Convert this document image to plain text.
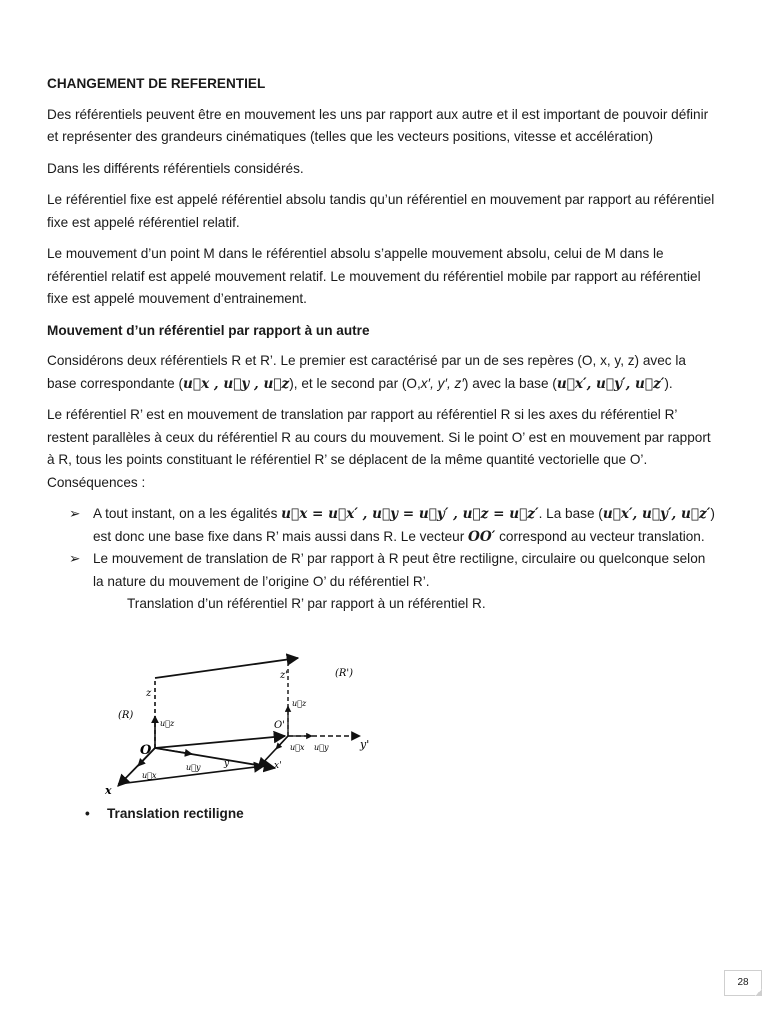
CHANGEMENT DE REFERENTIEL

Des référentiels peuvent être en mouvement les uns par rapport aux autre et il est important de pouvoir définir et représenter des grandeurs cinématiques (telles que les vecteurs positions, vitesse et accélération)

Dans les différents référentiels considérés.

Le référentiel fixe est appelé référentiel absolu tandis qu’un référentiel en mouvement par rapport au référentiel fixe est appelé référentiel relatif.

Le mouvement d’un point M dans le référentiel absolu s’appelle mouvement absolu, celui de M dans le référentiel relatif est appelé mouvement relatif. Le mouvement du référentiel mobile par rapport au référentiel fixe est appelé mouvement d’entrainement.

Mouvement d’un référentiel par rapport à un autre

Considérons deux référentiels R et R’. Le premier est caractérisé par un de ses repères (O, x, y, z) avec la base correspondante (u⃗x , u⃗y , u⃗z), et le second par (O,x′, y′, z′) avec la base (u⃗x′, u⃗y′, u⃗z′).

Le référentiel R’ est en mouvement de translation par rapport au référentiel R si les axes du référentiel R’ restent parallèles à ceux du référentiel R au cours du mouvement. Si le point O’ est en mouvement par rapport à R, tous les points constituant le référentiel R’ se déplacent de la même quantité vectorielle que O’. Conséquences :

➢ A tout instant, on a les égalités u⃗x = u⃗x′ , u⃗y = u⃗y′ , u⃗z = u⃗z′. La base (u⃗x′, u⃗y′, u⃗z′) est donc une base fixe dans R’ mais aussi dans R. Le vecteur OO′ correspond au vecteur translation.
➢ Le mouvement de translation de R’ par rapport à R peut être rectiligne, circulaire ou quelconque selon la nature du mouvement de l’origine O’ du référentiel R’.

Translation d’un référentiel R’ par rapport à un référentiel R.

(R)
(R')
O
O'
x
y
z
x'
y'
z'
u⃗x
u⃗y
u⃗z
u⃗x u⃗y
u⃗z
• Translation rectiligne
28
